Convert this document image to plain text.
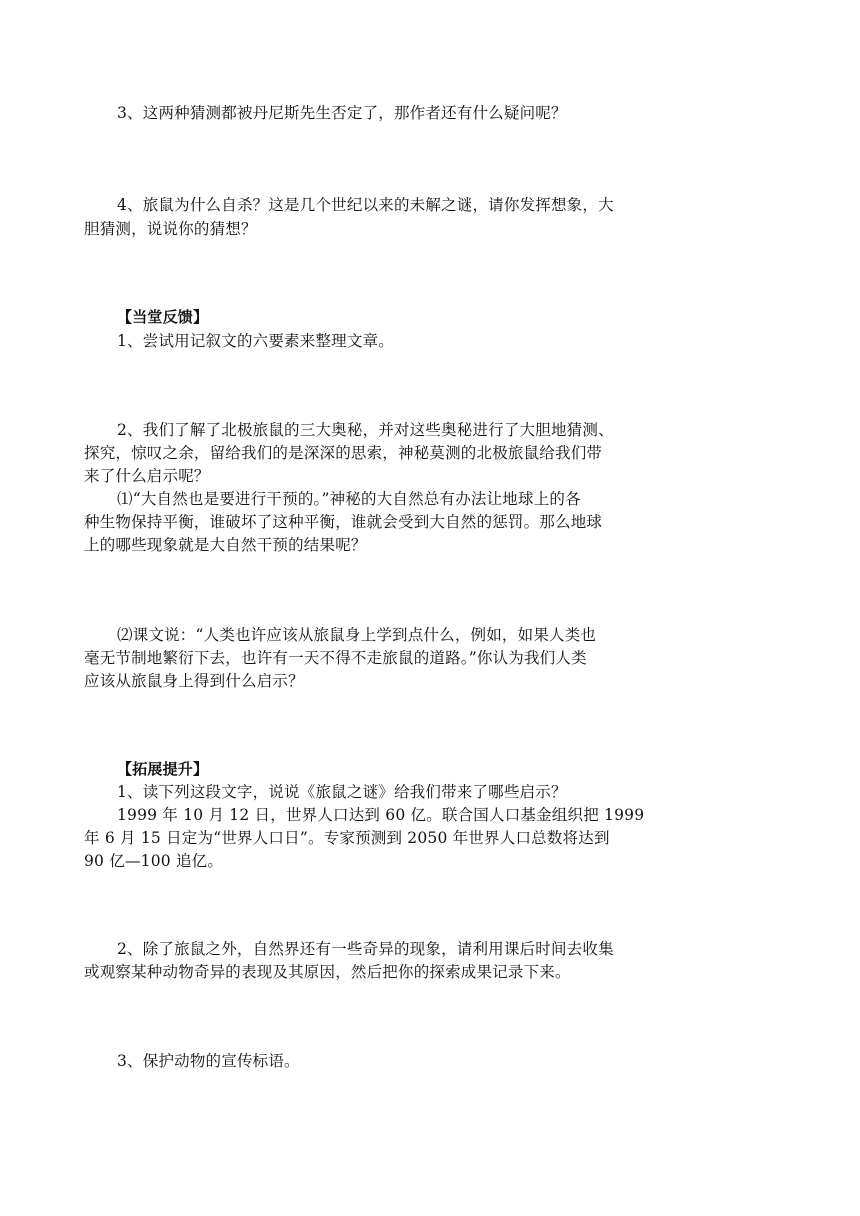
3、这两种猜测都被丹尼斯先生否定了，那作者还有什么疑问呢？
4、旅鼠为什么自杀？这是几个世纪以来的未解之谜，请你发挥想象，大
胆猜测，说说你的猜想？
【当堂反馈】
1、尝试用记叙文的六要素来整理文章。
2、我们了解了北极旅鼠的三大奥秘，并对这些奥秘进行了大胆地猜测、
探究，惊叹之余，留给我们的是深深的思索，神秘莫测的北极旅鼠给我们带
来了什么启示呢？
⑴“大自然也是要进行干预的。”神秘的大自然总有办法让地球上的各
种生物保持平衡，谁破坏了这种平衡，谁就会受到大自然的惩罚。那么地球
上的哪些现象就是大自然干预的结果呢？
⑵课文说：“人类也许应该从旅鼠身上学到点什么，例如，如果人类也
毫无节制地繁衍下去，也许有一天不得不走旅鼠的道路。”你认为我们人类
应该从旅鼠身上得到什么启示？
【拓展提升】
1、读下列这段文字，说说《旅鼠之谜》给我们带来了哪些启示？
1999 年 10 月 12 日，世界人口达到 60 亿。联合国人口基金组织把 1999
年 6 月 15 日定为“世界人口日”。专家预测到 2050 年世界人口总数将达到
90 亿—100 追亿。
2、除了旅鼠之外，自然界还有一些奇异的现象，请利用课后时间去收集
或观察某种动物奇异的表现及其原因，然后把你的探索成果记录下来。
3、保护动物的宣传标语。
